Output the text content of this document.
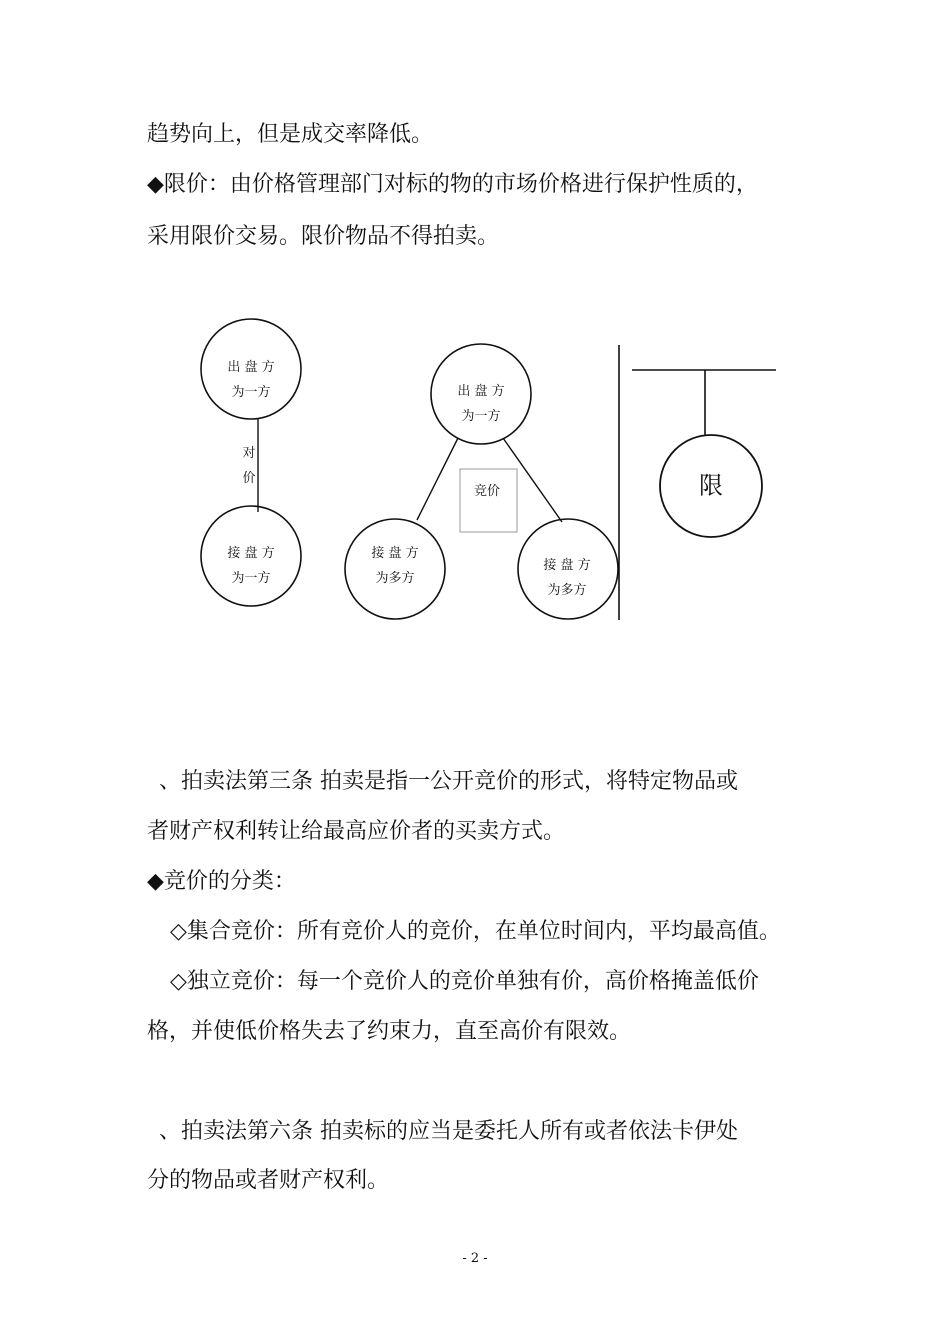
趋势向上，但是成交率降低。
◆限价：由价格管理部门对标的物的市场价格进行保护性质的，
采用限价交易。限价物品不得拍卖。
出 盘 方
为一方
对
价
接 盘 方
为一方
出 盘 方
为一方
竞价
接 盘 方
为多方
接 盘 方
为多方
限
、拍卖法第三条 拍卖是指一公开竞价的形式，将特定物品或
者财产权利转让给最高应价者的买卖方式。
◆竞价的分类：
◇集合竞价：所有竞价人的竞价，在单位时间内，平均最高值。
◇独立竞价：每一个竞价人的竞价单独有价，高价格掩盖低价
格，并使低价格失去了约束力，直至高价有限效。
、拍卖法第六条 拍卖标的应当是委托人所有或者依法卡伊处
分的物品或者财产权利。
- 2 -
